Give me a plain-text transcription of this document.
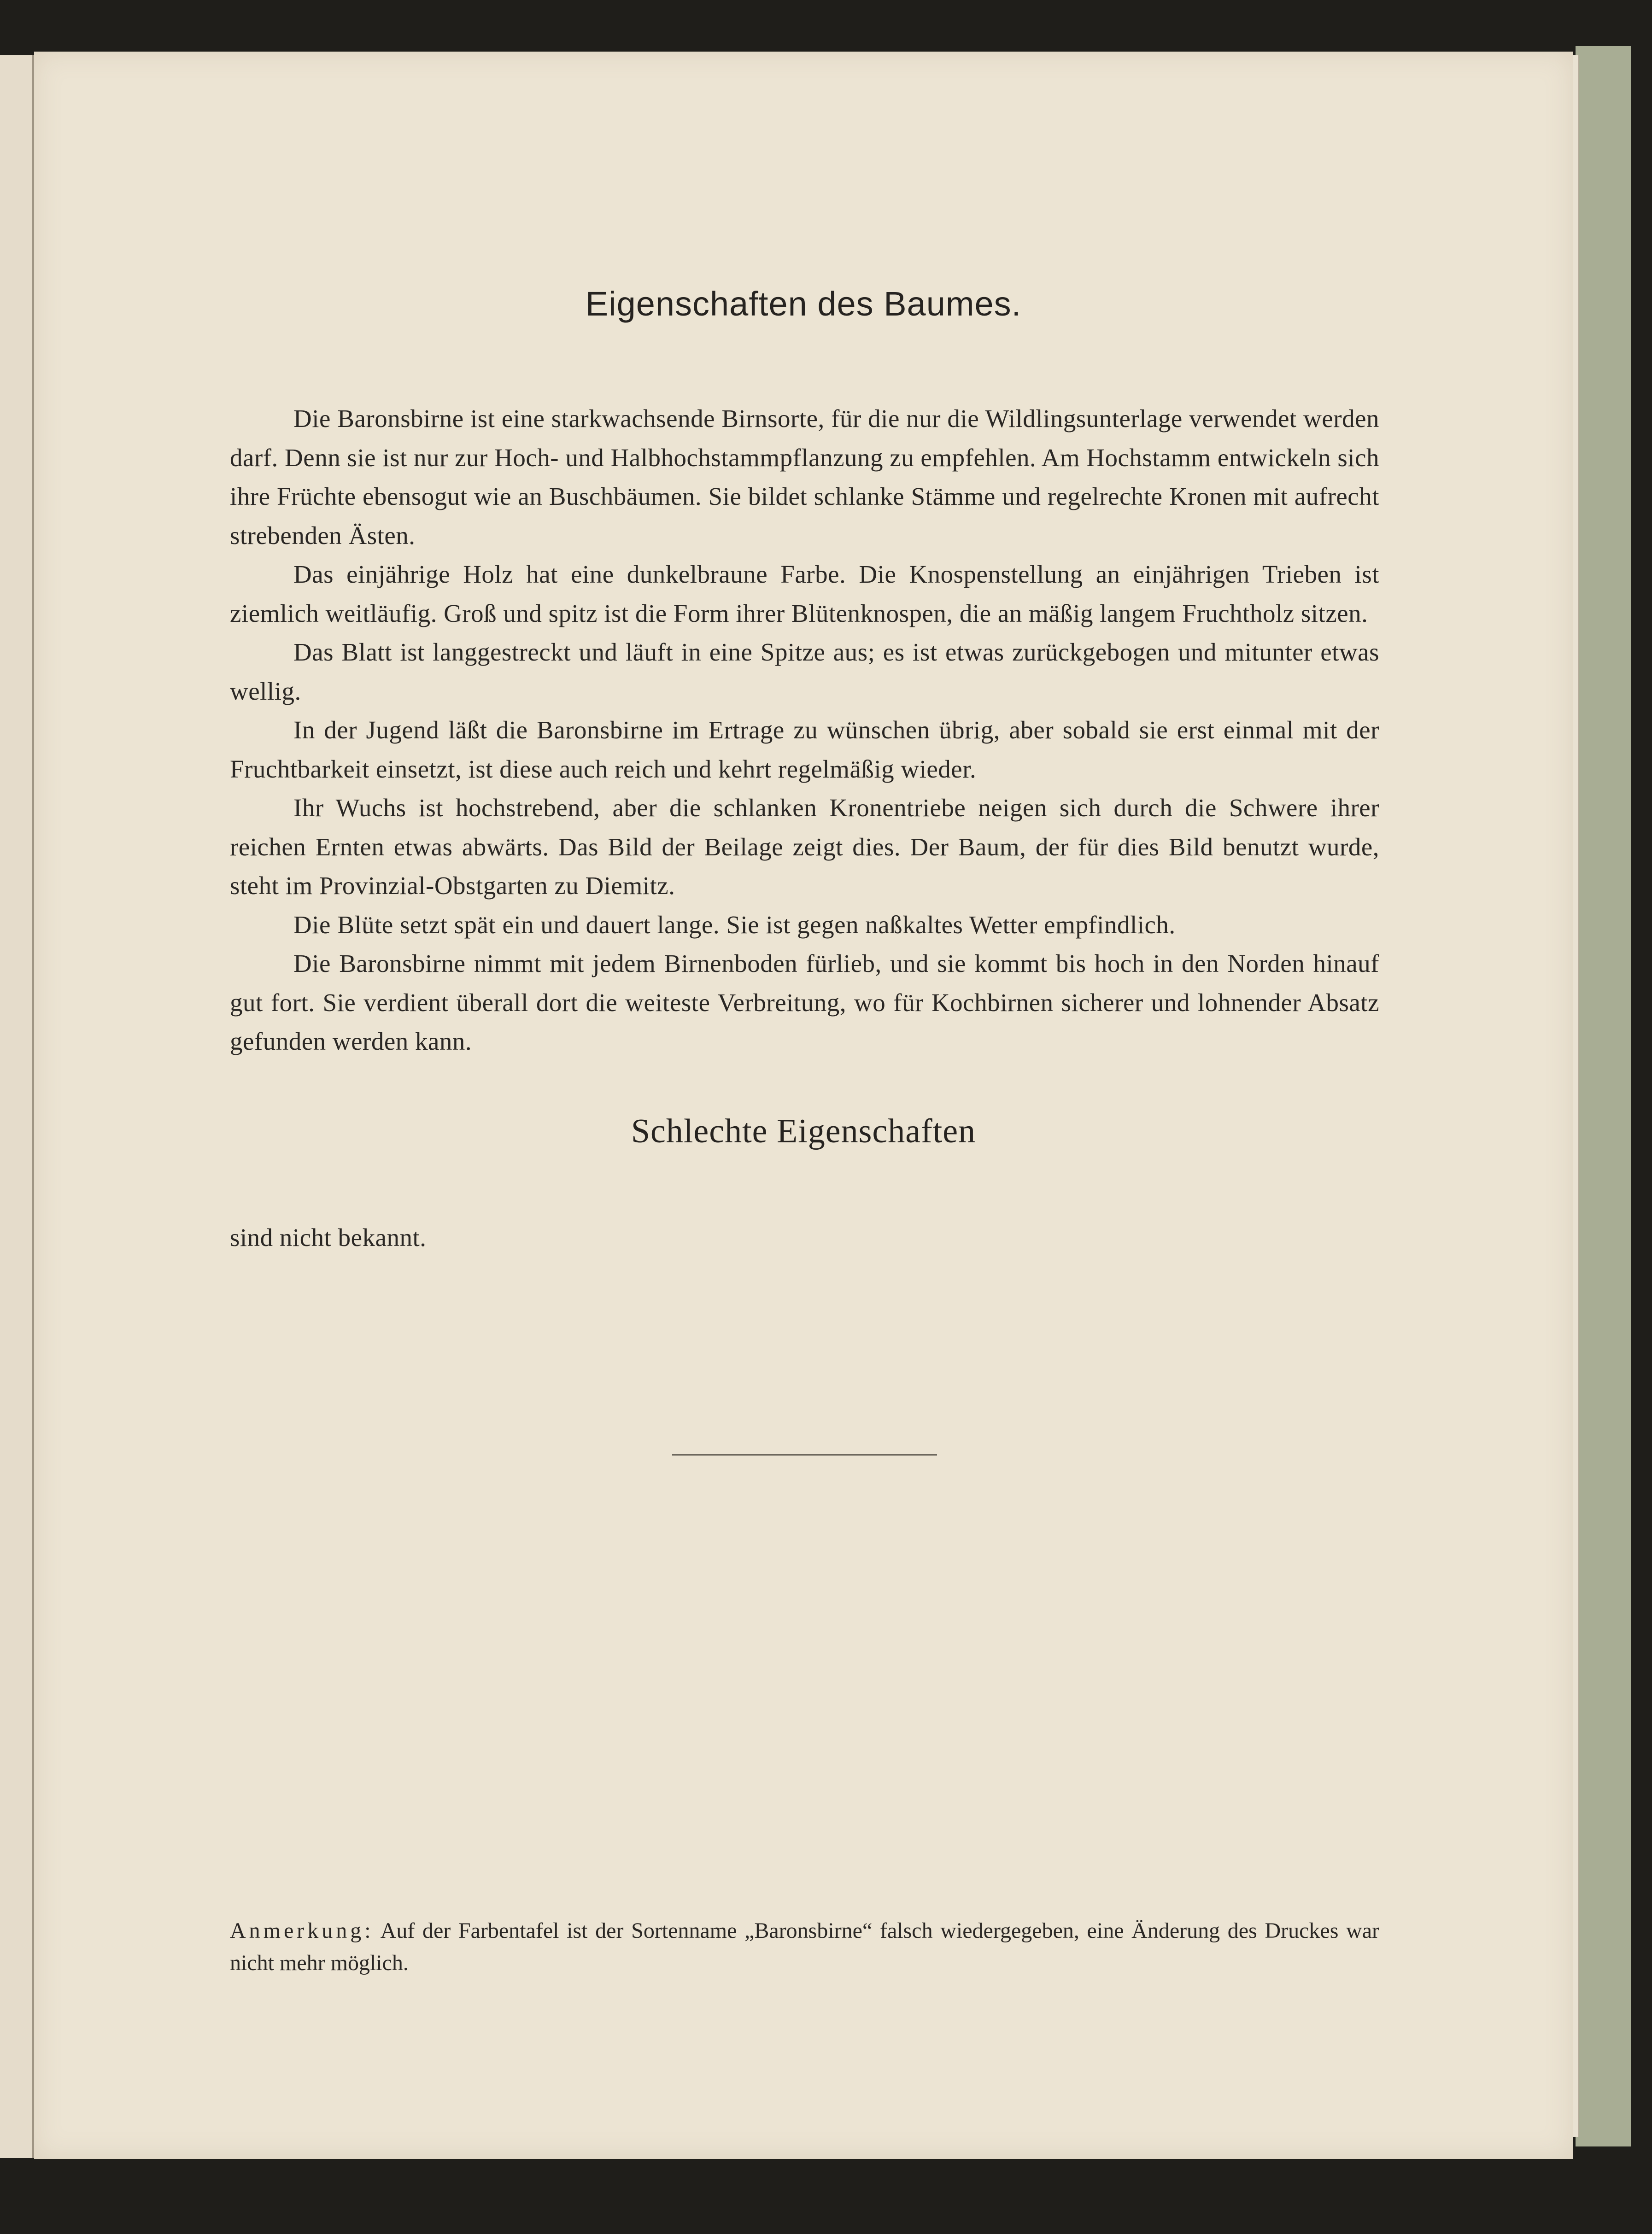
Eigenschaften des Baumes.

Die Baronsbirne ist eine starkwachsende Birnsorte, für die nur die Wildlingsunterlage verwendet werden darf. Denn sie ist nur zur Hoch- und Halbhochstammpflanzung zu empfehlen. Am Hochstamm entwickeln sich ihre Früchte ebensogut wie an Buschbäumen. Sie bildet schlanke Stämme und regelrechte Kronen mit aufrecht strebenden Ästen.

Das einjährige Holz hat eine dunkelbraune Farbe. Die Knospenstellung an einjährigen Trieben ist ziemlich weitläufig. Groß und spitz ist die Form ihrer Blütenknospen, die an mäßig langem Fruchtholz sitzen.

Das Blatt ist langgestreckt und läuft in eine Spitze aus; es ist etwas zurückgebogen und mitunter etwas wellig.

In der Jugend läßt die Baronsbirne im Ertrage zu wünschen übrig, aber sobald sie erst einmal mit der Fruchtbarkeit einsetzt, ist diese auch reich und kehrt regelmäßig wieder.

Ihr Wuchs ist hochstrebend, aber die schlanken Kronentriebe neigen sich durch die Schwere ihrer reichen Ernten etwas abwärts. Das Bild der Beilage zeigt dies. Der Baum, der für dies Bild benutzt wurde, steht im Provinzial-Obstgarten zu Diemitz.

Die Blüte setzt spät ein und dauert lange. Sie ist gegen naßkaltes Wetter empfindlich.

Die Baronsbirne nimmt mit jedem Birnenboden fürlieb, und sie kommt bis hoch in den Norden hinauf gut fort. Sie verdient überall dort die weiteste Verbreitung, wo für Kochbirnen sicherer und lohnender Absatz gefunden werden kann.

Schlechte Eigenschaften

sind nicht bekannt.

Anmerkung: Auf der Farbentafel ist der Sortenname „Baronsbirne“ falsch wiedergegeben, eine Änderung des Druckes war nicht mehr möglich.
